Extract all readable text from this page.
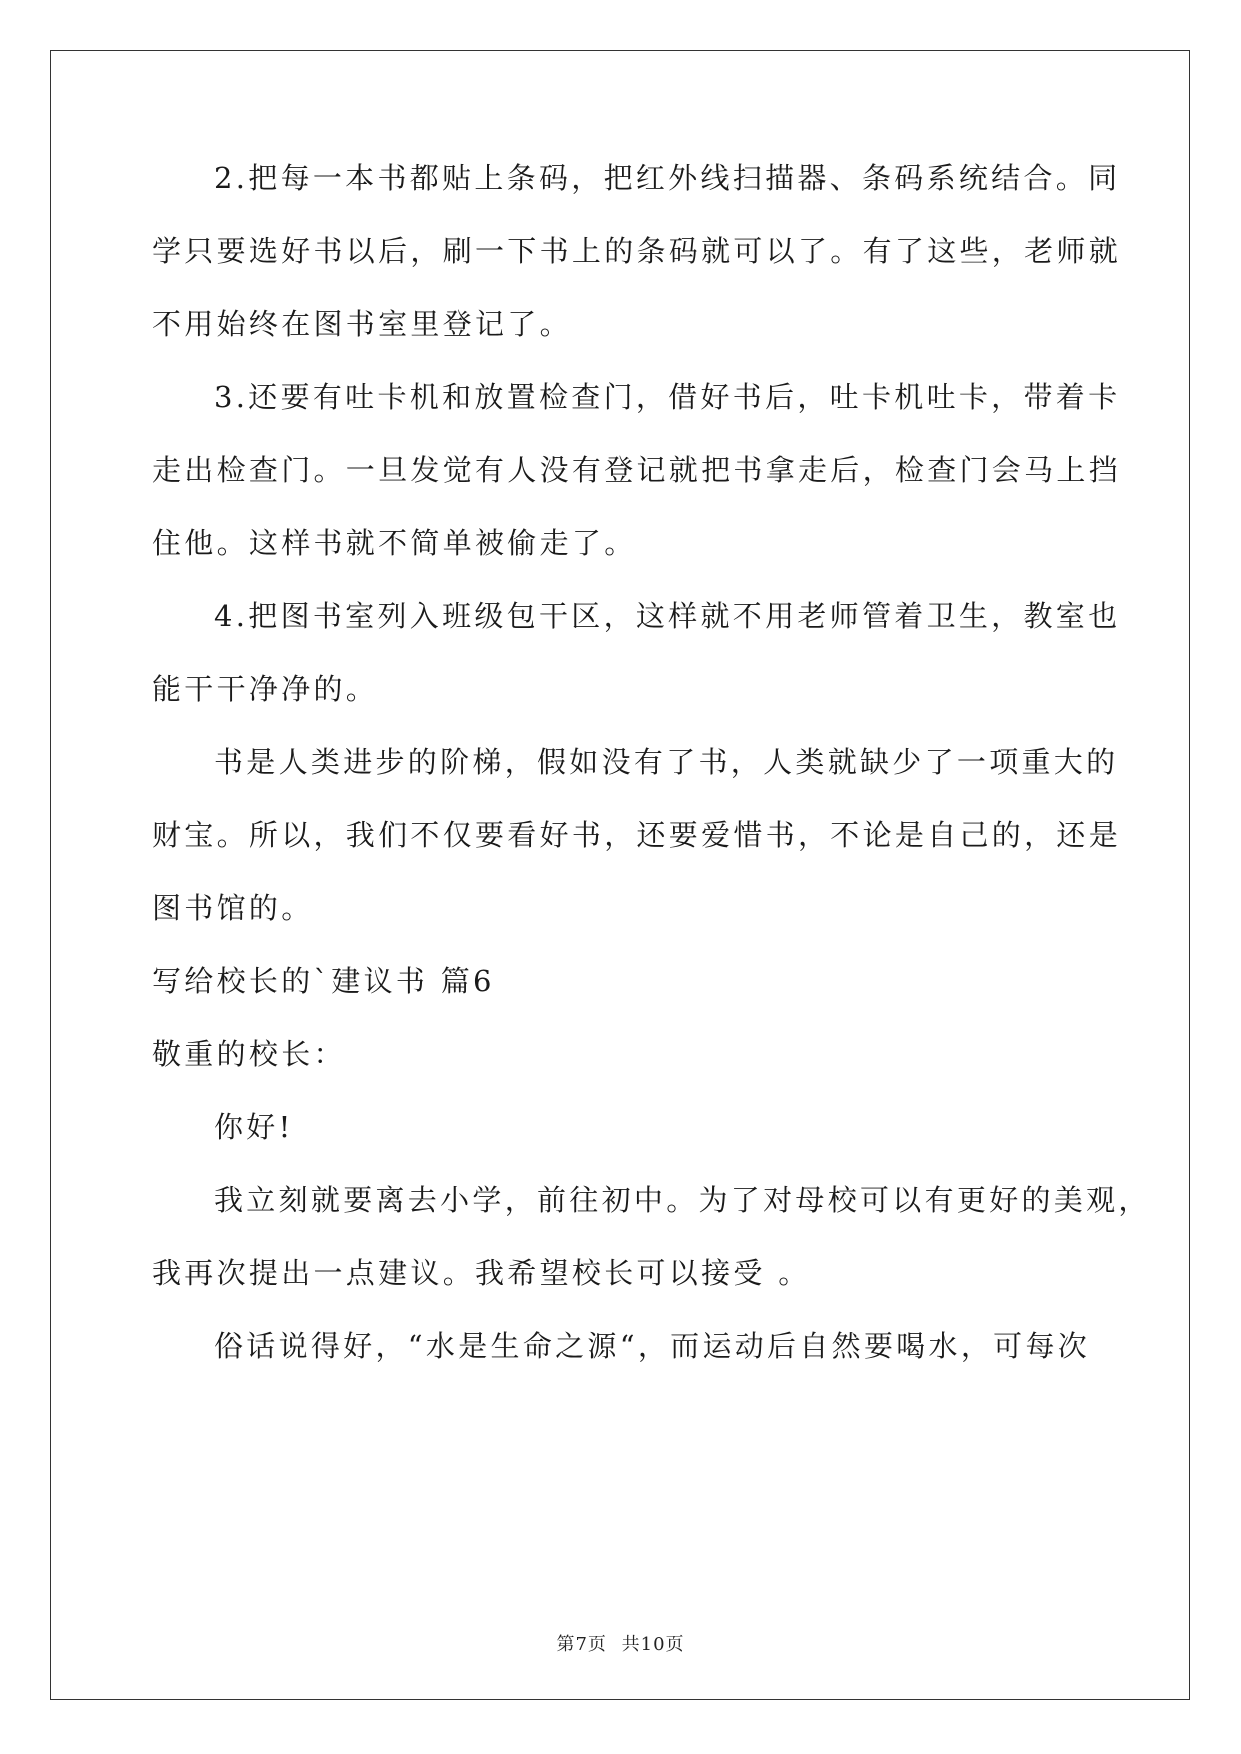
2.把每一本书都贴上条码，把红外线扫描器、条码系统结合。同
学只要选好书以后，刷一下书上的条码就可以了。有了这些，老师就
不用始终在图书室里登记了。
3.还要有吐卡机和放置检查门，借好书后，吐卡机吐卡，带着卡
走出检查门。一旦发觉有人没有登记就把书拿走后，检查门会马上挡
住他。这样书就不简单被偷走了。
4.把图书室列入班级包干区，这样就不用老师管着卫生，教室也
能干干净净的。
书是人类进步的阶梯，假如没有了书，人类就缺少了一项重大的
财宝。所以，我们不仅要看好书，还要爱惜书，不论是自己的，还是
图书馆的。
写给校长的`建议书 篇6
敬重的校长：
你好!
我立刻就要离去小学，前往初中。为了对母校可以有更好的美观，
我再次提出一点建议。我希望校长可以接受 。
俗话说得好，“水是生命之源“，而运动后自然要喝水，可每次
第7页 共10页
